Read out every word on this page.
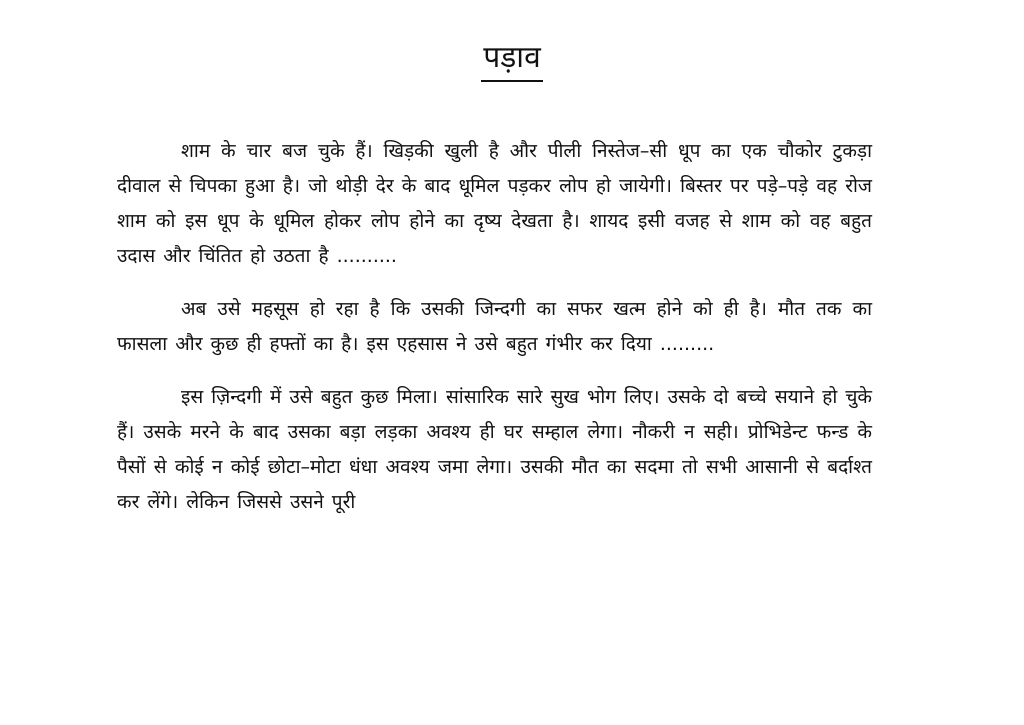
पड़ाव

शाम के चार बज चुके हैं। खिड़की खुली है और पीली निस्तेज–सी धूप का एक चौकोर टुकड़ा दीवाल से चिपका हुआ है। जो थोड़ी देर के बाद धूमिल पड़कर लोप हो जायेगी। बिस्तर पर पड़े–पड़े वह रोज शाम को इस धूप के धूमिल होकर लोप होने का दृष्य देखता है। शायद इसी वजह से शाम को वह बहुत उदास और चिंतित हो उठता है ..........

अब उसे महसूस हो रहा है कि उसकी जिन्दगी का सफर खत्म होने को ही है। मौत तक का फासला और कुछ ही हफ्तों का है। इस एहसास ने उसे बहुत गंभीर कर दिया .........

इस ज़िन्दगी में उसे बहुत कुछ मिला। सांसारिक सारे सुख भोग लिए। उसके दो बच्चे सयाने हो चुके हैं। उसके मरने के बाद उसका बड़ा लड़का अवश्य ही घर सम्हाल लेगा। नौकरी न सही। प्रोभिडेन्ट फन्ड के पैसों से कोई न कोई छोटा–मोटा धंधा अवश्य जमा लेगा। उसकी मौत का सदमा तो सभी आसानी से बर्दाश्त कर लेंगे। लेकिन जिससे उसने पूरी
